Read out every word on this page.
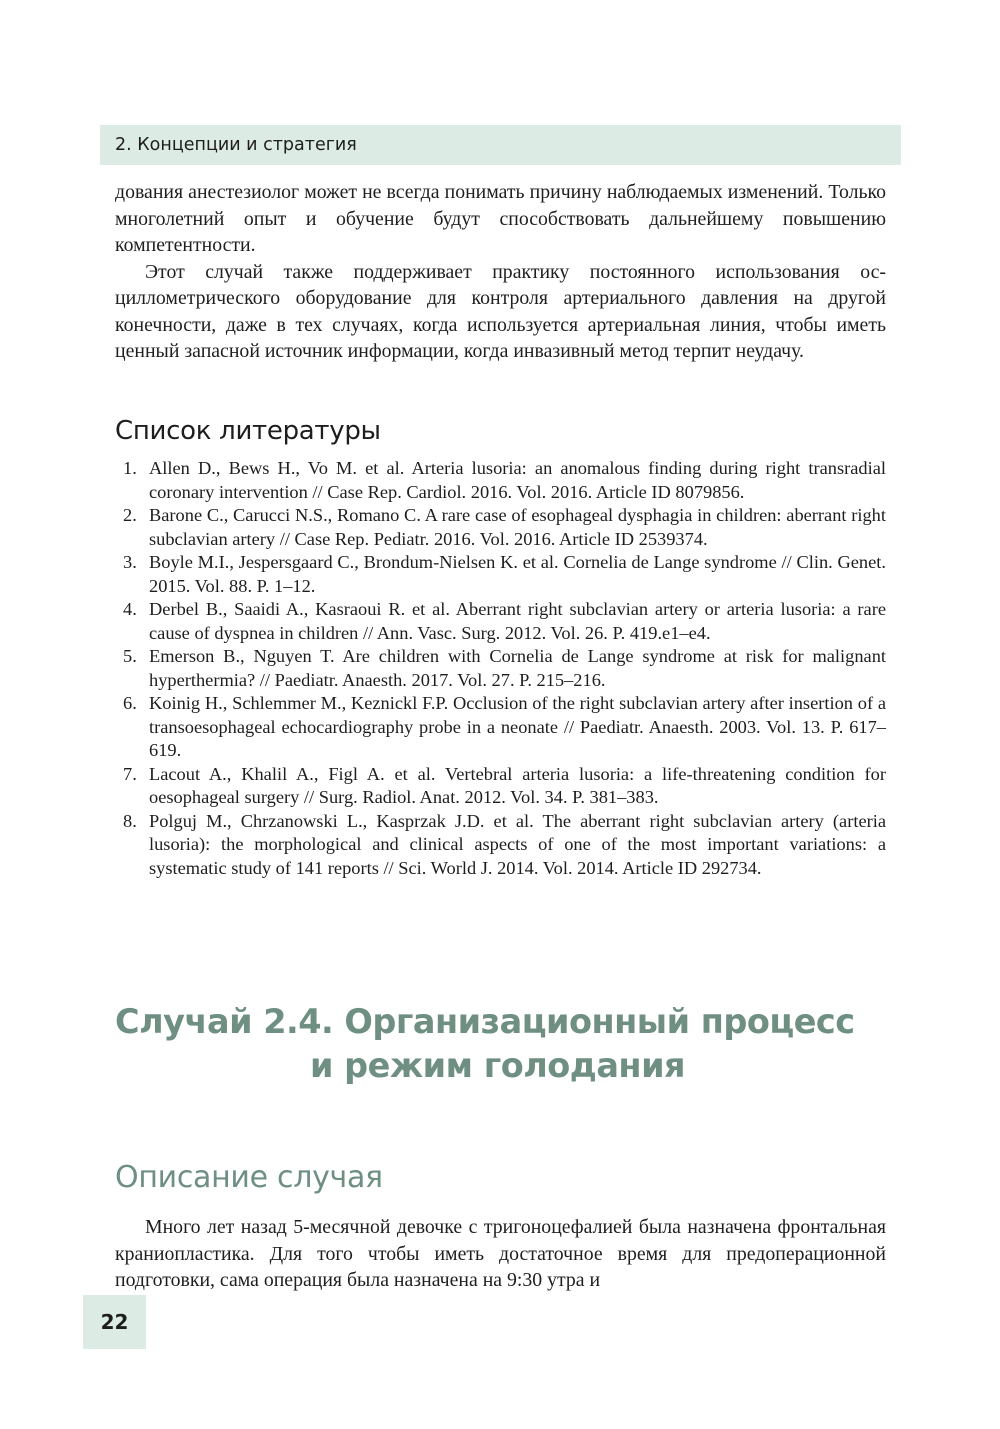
2. Концепции и стратегия

дования анестезиолог может не всегда понимать причину наблюдаемых изменений. Только многолетний опыт и обучение будут способствовать дальнейшему повышению компетентности.

Этот случай также поддерживает практику постоянного использования осциллометрического оборудование для контроля артериального давления на другой конечности, даже в тех случаях, когда используется артериальная линия, чтобы иметь ценный запасной источник информации, когда инвазивный метод терпит неудачу.

Список литературы
1. Allen D., Bews H., Vo M. et al. Arteria lusoria: an anomalous finding during right transradial coronary intervention // Case Rep. Cardiol. 2016. Vol. 2016. Article ID 8079856.
2. Barone C., Carucci N.S., Romano C. A rare case of esophageal dysphagia in children: aberrant right subclavian artery // Case Rep. Pediatr. 2016. Vol. 2016. Article ID 2539374.
3. Boyle M.I., Jespersgaard C., Brondum-Nielsen K. et al. Cornelia de Lange syndrome // Clin. Genet. 2015. Vol. 88. P. 1–12.
4. Derbel B., Saaidi A., Kasraoui R. et al. Aberrant right subclavian artery or arteria lusoria: a rare cause of dyspnea in children // Ann. Vasc. Surg. 2012. Vol. 26. P. 419.e1–e4.
5. Emerson B., Nguyen T. Are children with Cornelia de Lange syndrome at risk for malignant hyperthermia? // Paediatr. Anaesth. 2017. Vol. 27. P. 215–216.
6. Koinig H., Schlemmer M., Keznickl F.P. Occlusion of the right subclavian artery after insertion of a transoesophageal echocardiography probe in a neonate // Paediatr. Anaesth. 2003. Vol. 13. P. 617–619.
7. Lacout A., Khalil A., Figl A. et al. Vertebral arteria lusoria: a life-threatening condition for oesophageal surgery // Surg. Radiol. Anat. 2012. Vol. 34. P. 381–383.
8. Polguj M., Chrzanowski L., Kasprzak J.D. et al. The aberrant right subclavian artery (arteria lusoria): the morphological and clinical aspects of one of the most important variations: a systematic study of 141 reports // Sci. World J. 2014. Vol. 2014. Article ID 292734.
Случай 2.4. Организационный процесс
и режим голодания
Описание случая

Много лет назад 5-месячной девочке с тригоноцефалией была назначена фронтальная краниопластика. Для того чтобы иметь достаточное время для предоперационной подготовки, сама операция была назначена на 9:30 утра и

22
